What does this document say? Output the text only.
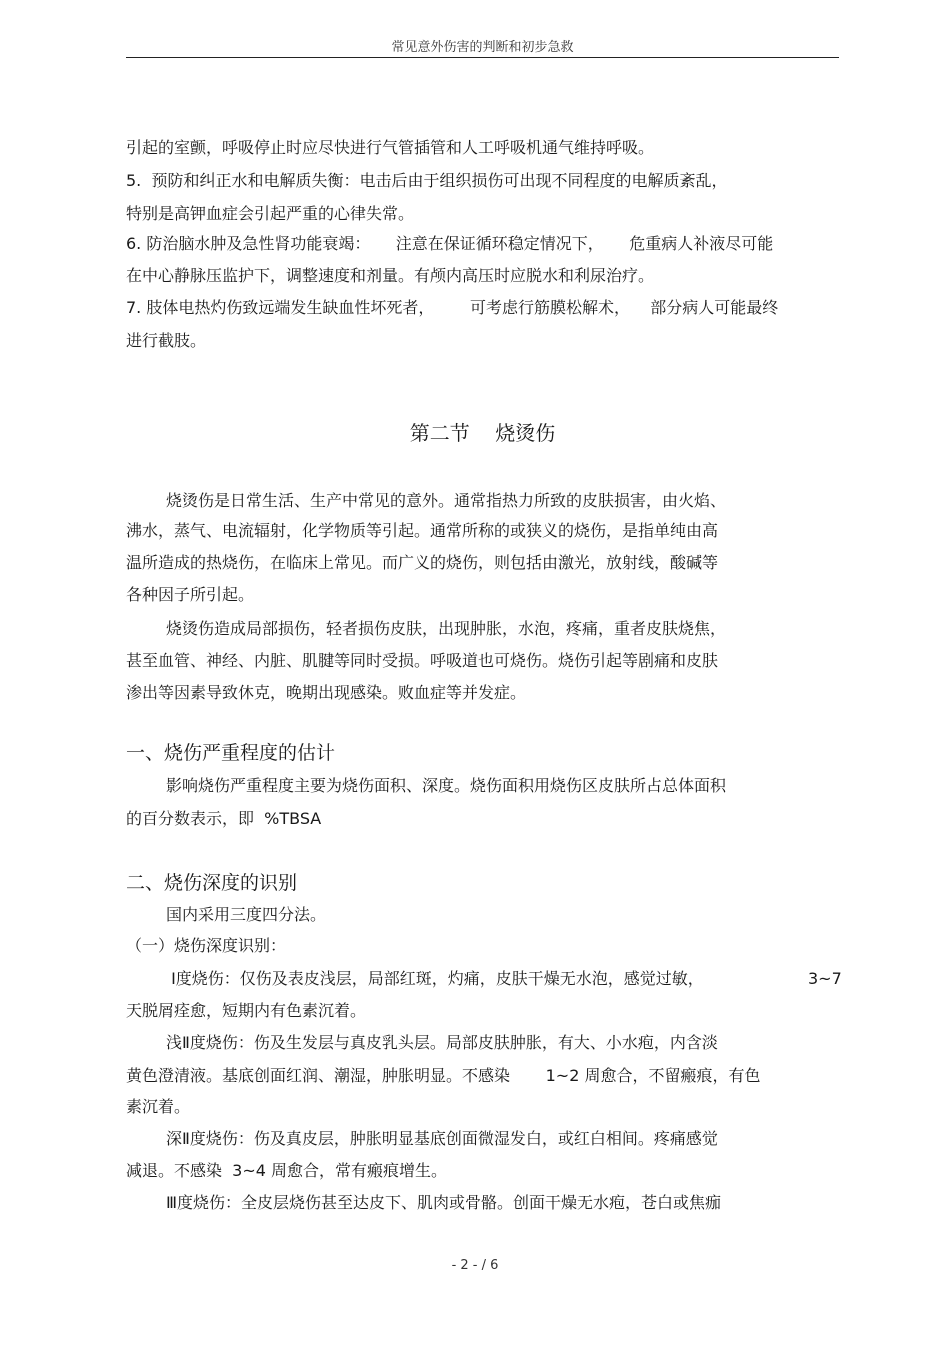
常见意外伤害的判断和初步急救
引起的室颤，呼吸停止时应尽快进行气管插管和人工呼吸机通气维持呼吸。
5.  预防和纠正水和电解质失衡：电击后由于组织损伤可出现不同程度的电解质紊乱，
特别是高钾血症会引起严重的心律失常。
6. 防治脑水肿及急性肾功能衰竭：     注意在保证循环稳定情况下，     危重病人补液尽可能
在中心静脉压监护下，调整速度和剂量。有颅内高压时应脱水和利尿治疗。
7. 肢体电热灼伤致远端发生缺血性坏死者，       可考虑行筋膜松解术，    部分病人可能最终
进行截肢。
第二节    烧烫伤
烧烫伤是日常生活、生产中常见的意外。通常指热力所致的皮肤损害，由火焰、
沸水，蒸气、电流辐射，化学物质等引起。通常所称的或狭义的烧伤，是指单纯由高
温所造成的热烧伤，在临床上常见。而广义的烧伤，则包括由激光，放射线，酸碱等
各种因子所引起。
烧烫伤造成局部损伤，轻者损伤皮肤，出现肿胀，水泡，疼痛，重者皮肤烧焦，
甚至血管、神经、内脏、肌腱等同时受损。呼吸道也可烧伤。烧伤引起等剧痛和皮肤
渗出等因素导致休克，晚期出现感染。败血症等并发症。
一、烧伤严重程度的估计
影响烧伤严重程度主要为烧伤面积、深度。烧伤面积用烧伤区皮肤所占总体面积
的百分数表示，即  %TBSA
二、烧伤深度的识别
国内采用三度四分法。
（一）烧伤深度识别：
Ⅰ度烧伤：仅伤及表皮浅层，局部红斑，灼痛，皮肤干燥无水泡，感觉过敏，	3~7
天脱屑痊愈，短期内有色素沉着。
浅Ⅱ度烧伤：伤及生发层与真皮乳头层。局部皮肤肿胀，有大、小水疱，内含淡
黄色澄清液。基底创面红润、潮湿，肿胀明显。不感染       1~2 周愈合，不留瘢痕，有色
素沉着。
深Ⅱ度烧伤：伤及真皮层，肿胀明显基底创面微湿发白，或红白相间。疼痛感觉
减退。不感染  3~4 周愈合，常有瘢痕增生。
Ⅲ度烧伤：全皮层烧伤甚至达皮下、肌肉或骨骼。创面干燥无水疱，苍白或焦痂
- 2 - / 6
